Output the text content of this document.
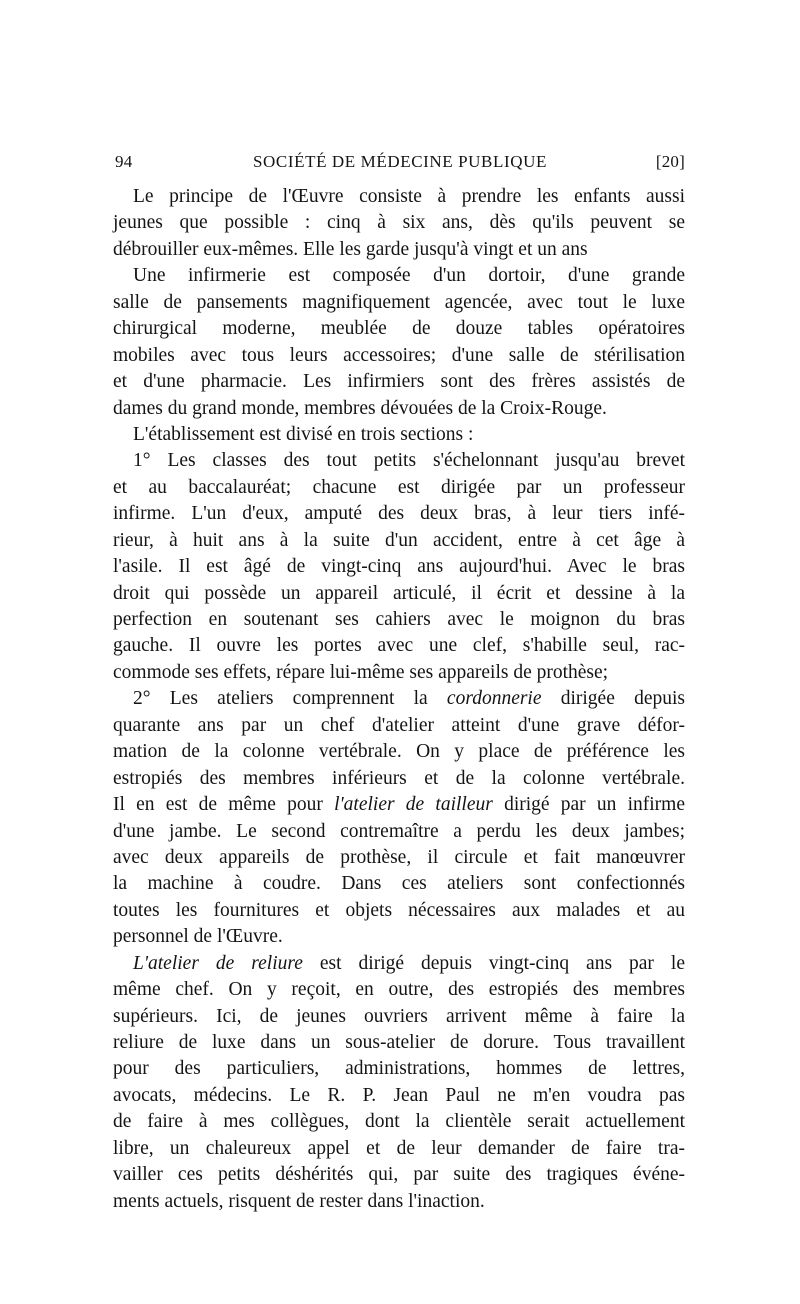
94	SOCIÉTÉ DE MÉDECINE PUBLIQUE	[20]
Le principe de l'Œuvre consiste à prendre les enfants aussi
jeunes que possible : cinq à six ans, dès qu'ils peuvent se
débrouiller eux-mêmes. Elle les garde jusqu'à vingt et un ans
Une infirmerie est composée d'un dortoir, d'une grande
salle de pansements magnifiquement agencée, avec tout le luxe
chirurgical moderne, meublée de douze tables opératoires
mobiles avec tous leurs accessoires; d'une salle de stérilisation
et d'une pharmacie. Les infirmiers sont des frères assistés de
dames du grand monde, membres dévouées de la Croix-Rouge.
L'établissement est divisé en trois sections :
1° Les classes des tout petits s'échelonnant jusqu'au brevet
et au baccalauréat; chacune est dirigée par un professeur
infirme. L'un d'eux, amputé des deux bras, à leur tiers infé-
rieur, à huit ans à la suite d'un accident, entre à cet âge à
l'asile. Il est âgé de vingt-cinq ans aujourd'hui. Avec le bras
droit qui possède un appareil articulé, il écrit et dessine à la
perfection en soutenant ses cahiers avec le moignon du bras
gauche. Il ouvre les portes avec une clef, s'habille seul, rac-
commode ses effets, répare lui-même ses appareils de prothèse;
2° Les ateliers comprennent la cordonnerie dirigée depuis
quarante ans par un chef d'atelier atteint d'une grave défor-
mation de la colonne vertébrale. On y place de préférence les
estropiés des membres inférieurs et de la colonne vertébrale.
Il en est de même pour l'atelier de tailleur dirigé par un infirme
d'une jambe. Le second contremaître a perdu les deux jambes;
avec deux appareils de prothèse, il circule et fait manœuvrer
la machine à coudre. Dans ces ateliers sont confectionnés
toutes les fournitures et objets nécessaires aux malades et au
personnel de l'Œuvre.
L'atelier de reliure est dirigé depuis vingt-cinq ans par le
même chef. On y reçoit, en outre, des estropiés des membres
supérieurs. Ici, de jeunes ouvriers arrivent même à faire la
reliure de luxe dans un sous-atelier de dorure. Tous travaillent
pour des particuliers, administrations, hommes de lettres,
avocats, médecins. Le R. P. Jean Paul ne m'en voudra pas
de faire à mes collègues, dont la clientèle serait actuellement
libre, un chaleureux appel et de leur demander de faire tra-
vailler ces petits déshérités qui, par suite des tragiques événe-
ments actuels, risquent de rester dans l'inaction.
